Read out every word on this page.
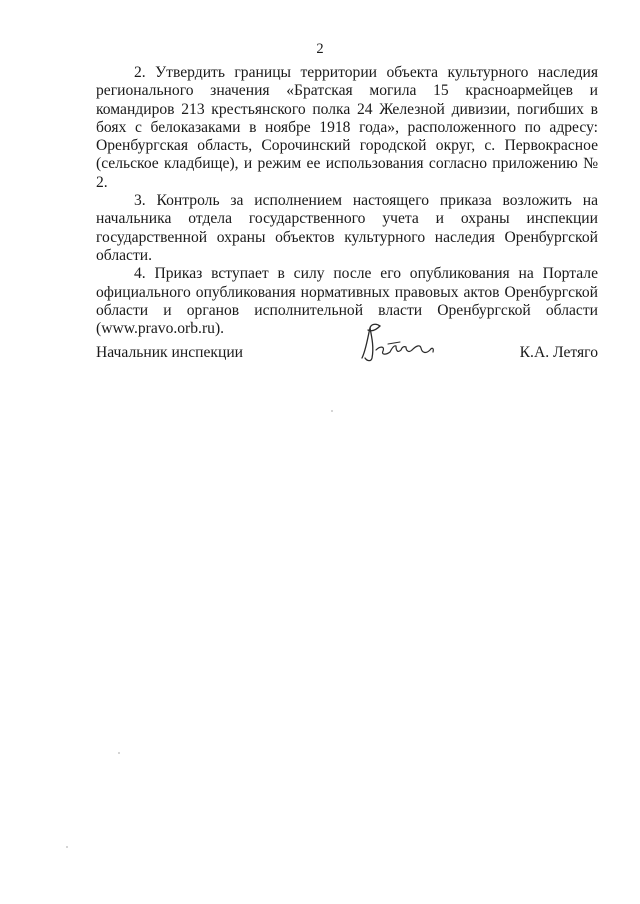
2

2. Утвердить границы территории объекта культурного наследия регионального значения «Братская могила 15 красноармейцев и командиров 213 крестьянского полка 24 Железной дивизии, погибших в боях с белоказаками в ноябре 1918 года», расположенного по адресу: Оренбургская область, Сорочинский городской округ, с. Первокрасное (сельское кладбище), и режим ее использования согласно приложению № 2.

3. Контроль за исполнением настоящего приказа возложить на начальника отдела государственного учета и охраны инспекции государственной охраны объектов культурного наследия Оренбургской области.

4. Приказ вступает в силу после его опубликования на Портале официального опубликования нормативных правовых актов Оренбургской области и органов исполнительной власти Оренбургской области (www.pravo.orb.ru).

Начальник инспекции	К.А. Летяго
